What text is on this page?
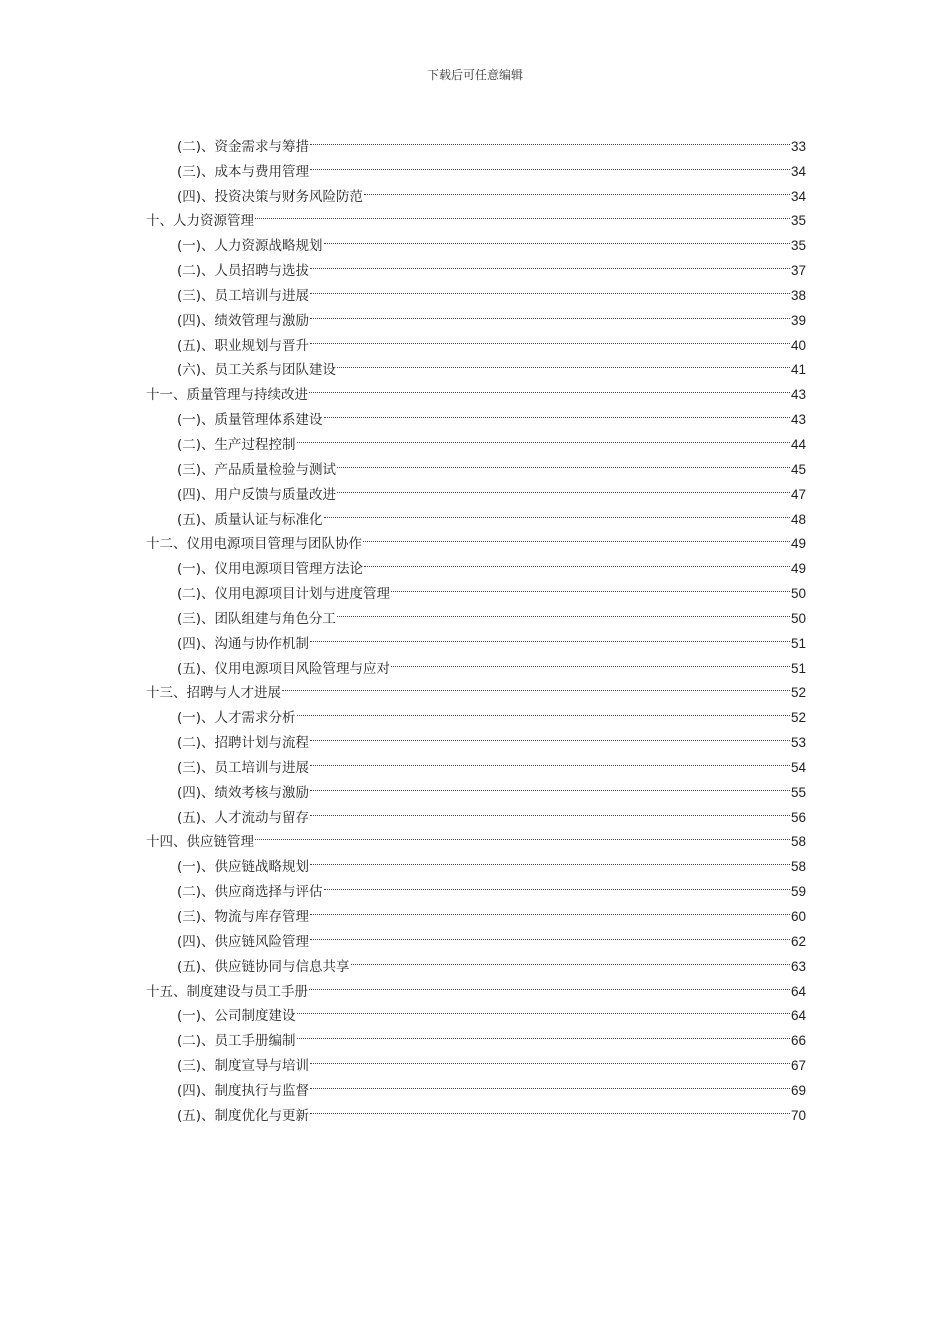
下载后可任意编辑
(二)、资金需求与筹措	33
(三)、成本与费用管理	34
(四)、投资决策与财务风险防范	34
十、人力资源管理	35
(一)、人力资源战略规划	35
(二)、人员招聘与选拔	37
(三)、员工培训与进展	38
(四)、绩效管理与激励	39
(五)、职业规划与晋升	40
(六)、员工关系与团队建设	41
十一、质量管理与持续改进	43
(一)、质量管理体系建设	43
(二)、生产过程控制	44
(三)、产品质量检验与测试	45
(四)、用户反馈与质量改进	47
(五)、质量认证与标准化	48
十二、仪用电源项目管理与团队协作	49
(一)、仪用电源项目管理方法论	49
(二)、仪用电源项目计划与进度管理	50
(三)、团队组建与角色分工	50
(四)、沟通与协作机制	51
(五)、仪用电源项目风险管理与应对	51
十三、招聘与人才进展	52
(一)、人才需求分析	52
(二)、招聘计划与流程	53
(三)、员工培训与进展	54
(四)、绩效考核与激励	55
(五)、人才流动与留存	56
十四、供应链管理	58
(一)、供应链战略规划	58
(二)、供应商选择与评估	59
(三)、物流与库存管理	60
(四)、供应链风险管理	62
(五)、供应链协同与信息共享	63
十五、制度建设与员工手册	64
(一)、公司制度建设	64
(二)、员工手册编制	66
(三)、制度宣导与培训	67
(四)、制度执行与监督	69
(五)、制度优化与更新	70
